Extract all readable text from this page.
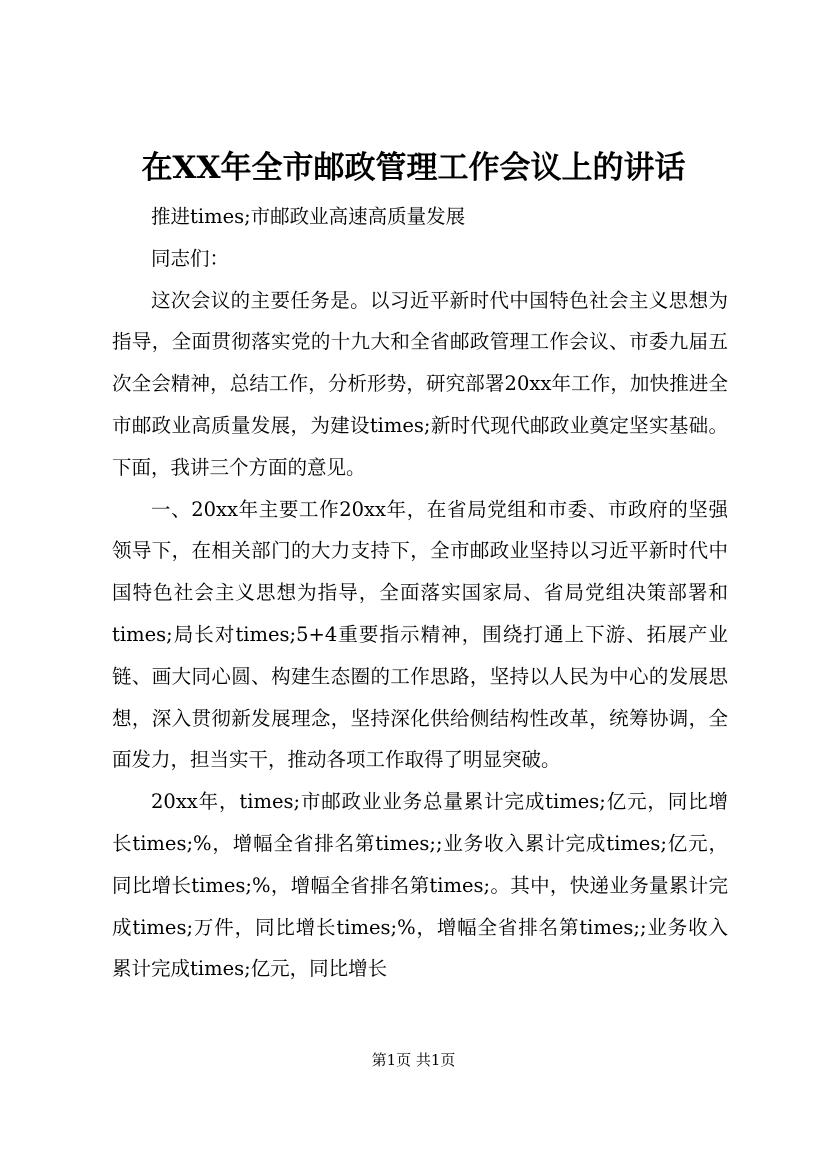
在XX年全市邮政管理工作会议上的讲话

推进times;市邮政业高速高质量发展

同志们：

这次会议的主要任务是。以习近平新时代中国特色社会主义思想为指导，全面贯彻落实党的十九大和全省邮政管理工作会议、市委九届五次全会精神，总结工作，分析形势，研究部署20xx年工作，加快推进全市邮政业高质量发展，为建设times;新时代现代邮政业奠定坚实基础。下面，我讲三个方面的意见。

一、20xx年主要工作20xx年，在省局党组和市委、市政府的坚强领导下，在相关部门的大力支持下，全市邮政业坚持以习近平新时代中国特色社会主义思想为指导，全面落实国家局、省局党组决策部署和times;局长对times;5+4重要指示精神，围绕打通上下游、拓展产业链、画大同心圆、构建生态圈的工作思路，坚持以人民为中心的发展思想，深入贯彻新发展理念，坚持深化供给侧结构性改革，统筹协调，全面发力，担当实干，推动各项工作取得了明显突破。

20xx年，times;市邮政业业务总量累计完成times;亿元，同比增长times;%，增幅全省排名第times;;业务收入累计完成times;亿元，同比增长times;%，增幅全省排名第times;。其中，快递业务量累计完成times;万件，同比增长times;%，增幅全省排名第times;;业务收入累计完成times;亿元，同比增长

第1页 共1页
